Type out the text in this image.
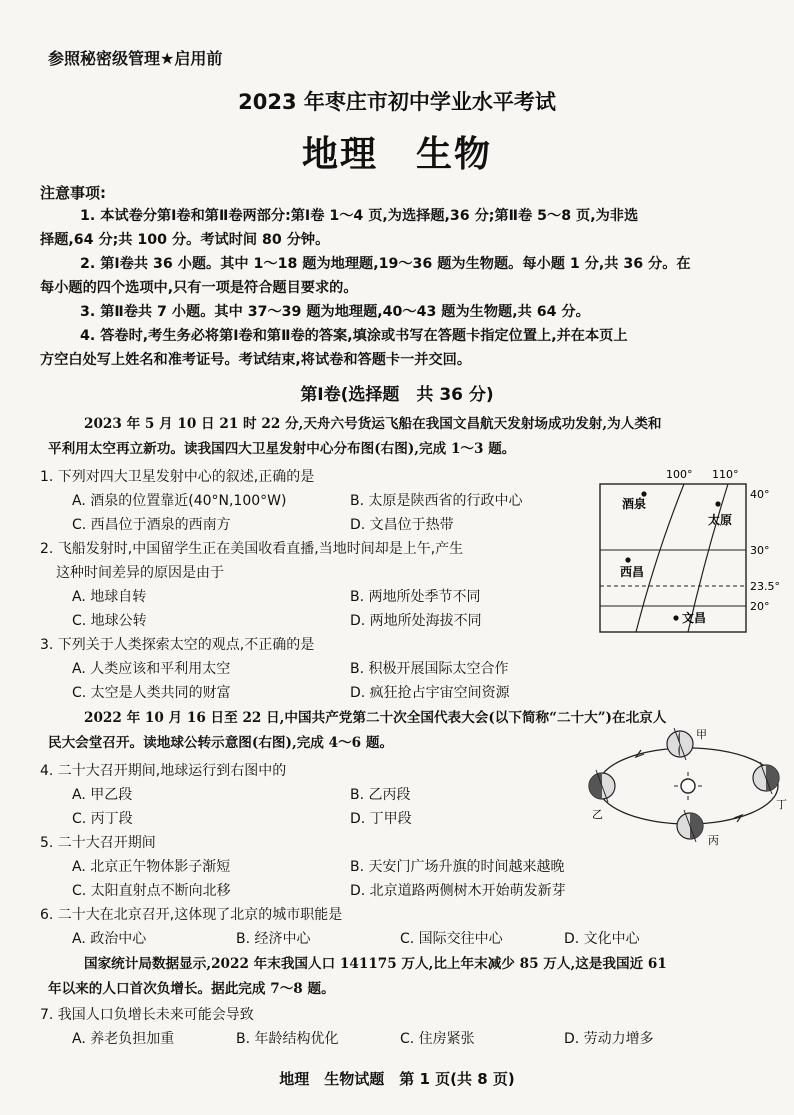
参照秘密级管理★启用前
2023 年枣庄市初中学业水平考试
地理　生物
注意事项:
1. 本试卷分第Ⅰ卷和第Ⅱ卷两部分:第Ⅰ卷 1～4 页,为选择题,36 分;第Ⅱ卷 5～8 页,为非选
择题,64 分;共 100 分。考试时间 80 分钟。
2. 第Ⅰ卷共 36 小题。其中 1～18 题为地理题,19～36 题为生物题。每小题 1 分,共 36 分。在
每小题的四个选项中,只有一项是符合题目要求的。
3. 第Ⅱ卷共 7 小题。其中 37～39 题为地理题,40～43 题为生物题,共 64 分。
4. 答卷时,考生务必将第Ⅰ卷和第Ⅱ卷的答案,填涂或书写在答题卡指定位置上,并在本页上
方空白处写上姓名和准考证号。考试结束,将试卷和答题卡一并交回。
第Ⅰ卷(选择题　共 36 分)
2023 年 5 月 10 日 21 时 22 分,天舟六号货运飞船在我国文昌航天发射场成功发射,为人类和
平利用太空再立新功。读我国四大卫星发射中心分布图(右图),完成 1～3 题。
1. 下列对四大卫星发射中心的叙述,正确的是
A. 酒泉的位置靠近(40°N,100°W)	B. 太原是陕西省的行政中心
C. 西昌位于酒泉的西南方	D. 文昌位于热带
2. 飞船发射时,中国留学生正在美国收看直播,当地时间却是上午,产生
这种时间差异的原因是由于
A. 地球自转	B. 两地所处季节不同
C. 地球公转	D. 两地所处海拔不同
3. 下列关于人类探索太空的观点,不正确的是
A. 人类应该和平利用太空	B. 积极开展国际太空合作
C. 太空是人类共同的财富	D. 疯狂抢占宇宙空间资源
2022 年 10 月 16 日至 22 日,中国共产党第二十次全国代表大会(以下简称“二十大”)在北京人
民大会堂召开。读地球公转示意图(右图),完成 4～6 题。
4. 二十大召开期间,地球运行到右图中的
A. 甲乙段	B. 乙丙段
C. 丙丁段	D. 丁甲段
5. 二十大召开期间
A. 北京正午物体影子渐短	B. 天安门广场升旗的时间越来越晚
C. 太阳直射点不断向北移	D. 北京道路两侧树木开始萌发新芽
6. 二十大在北京召开,这体现了北京的城市职能是
A. 政治中心	B. 经济中心	C. 国际交往中心	D. 文化中心
国家统计局数据显示,2022 年末我国人口 141175 万人,比上年末减少 85 万人,这是我国近 61
年以来的人口首次负增长。据此完成 7～8 题。
7. 我国人口负增长未来可能会导致
A. 养老负担加重	B. 年龄结构优化	C. 住房紧张	D. 劳动力增多
地理　生物试题　第 1 页(共 8 页)
100° 110°
40°
30°
23.5°
20°
酒泉
太原
西昌
文昌
甲
乙
丙
丁
